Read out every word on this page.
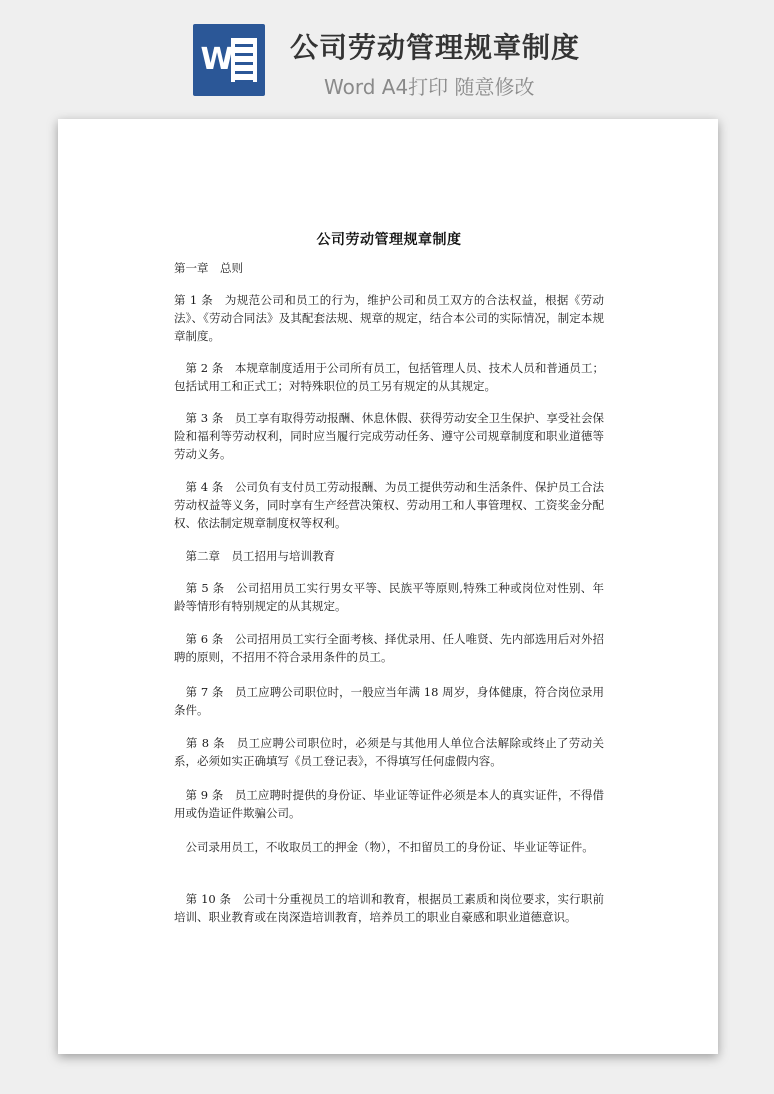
W 公司劳动管理规章制度
Word A4打印 随意修改
公司劳动管理规章制度
第一章　总则
第 1 条　为规范公司和员工的行为，维护公司和员工双方的合法权益，根据《劳动法》、《劳动合同法》及其配套法规、规章的规定，结合本公司的实际情况，制定本规章制度。
　第 2 条　本规章制度适用于公司所有员工，包括管理人员、技术人员和普通员工；包括试用工和正式工；对特殊职位的员工另有规定的从其规定。
　第 3 条　员工享有取得劳动报酬、休息休假、获得劳动安全卫生保护、享受社会保险和福利等劳动权利，同时应当履行完成劳动任务、遵守公司规章制度和职业道德等劳动义务。
　第 4 条　公司负有支付员工劳动报酬、为员工提供劳动和生活条件、保护员工合法劳动权益等义务，同时享有生产经营决策权、劳动用工和人事管理权、工资奖金分配权、依法制定规章制度权等权利。
　第二章　员工招用与培训教育
　第 5 条　公司招用员工实行男女平等、民族平等原则,特殊工种或岗位对性别、年龄等情形有特别规定的从其规定。
　第 6 条　公司招用员工实行全面考核、择优录用、任人唯贤、先内部选用后对外招聘的原则，不招用不符合录用条件的员工。
　第 7 条　员工应聘公司职位时，一般应当年满 18 周岁，身体健康，符合岗位录用条件。
　第 8 条　员工应聘公司职位时，必须是与其他用人单位合法解除或终止了劳动关系，必须如实正确填写《员工登记表》，不得填写任何虚假内容。
　第 9 条　员工应聘时提供的身份证、毕业证等证件必须是本人的真实证件，不得借用或伪造证件欺骗公司。
　公司录用员工，不收取员工的押金（物），不扣留员工的身份证、毕业证等证件。
　第 10 条　公司十分重视员工的培训和教育，根据员工素质和岗位要求，实行职前培训、职业教育或在岗深造培训教育，培养员工的职业自豪感和职业道德意识。
